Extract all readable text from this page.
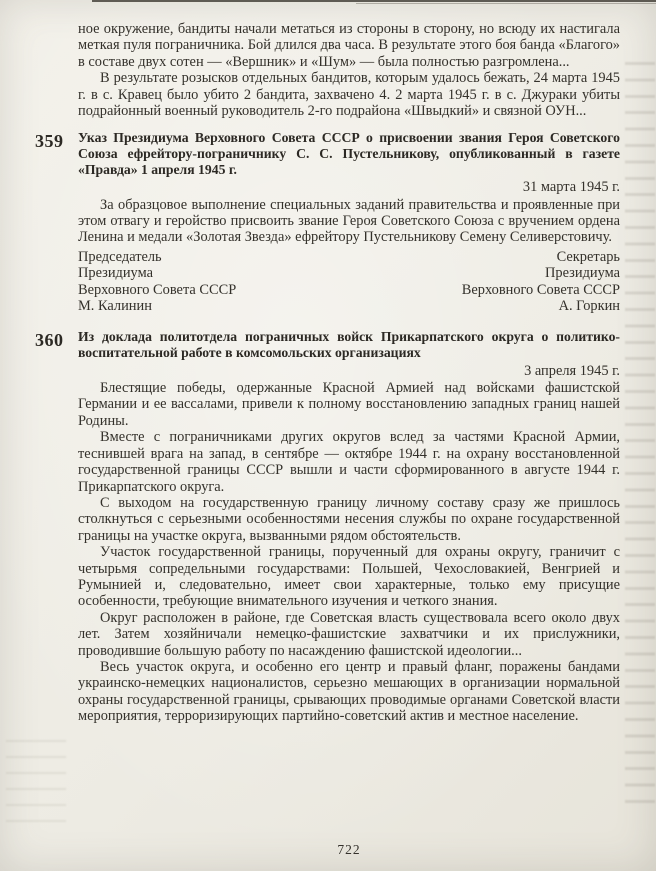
ное окружение, бандиты начали метаться из стороны в сторону, но всюду их настигала меткая пуля пограничника. Бой длился два часа. В результате этого боя банда «Благого» в составе двух сотен — «Вершник» и «Шум» — была полностью разгромлена...

В результате розысков отдельных бандитов, которым удалось бежать, 24 марта 1945 г. в с. Кравец было убито 2 бандита, захвачено 4. 2 марта 1945 г. в с. Джураки убиты подрайонный военный руководитель 2-го подрайона «Швыдкий» и связной ОУН...

359 Указ Президиума Верховного Совета СССР о присвоении звания Героя Советского Союза ефрейтору-пограничнику С. С. Пустельникову, опубликованный в газете «Правда» 1 апреля 1945 г.
31 марта 1945 г.

За образцовое выполнение специальных заданий правительства и проявленные при этом отвагу и геройство присвоить звание Героя Советского Союза с вручением ордена Ленина и медали «Золотая Звезда» ефрейтору Пустельникову Семену Селиверстовичу.

Председатель
Президиума
Верховного Совета СССР
М. Калинин
Секретарь
Президиума
Верховного Совета СССР
А. Горкин
360 Из доклада политотдела пограничных войск Прикарпатского округа о политико-воспитательной работе в комсомольских организациях
3 апреля 1945 г.

Блестящие победы, одержанные Красной Армией над войсками фашистской Германии и ее вассалами, привели к полному восстановлению западных границ нашей Родины.

Вместе с пограничниками других округов вслед за частями Красной Армии, теснившей врага на запад, в сентябре — октябре 1944 г. на охрану восстановленной государственной границы СССР вышли и части сформированного в августе 1944 г. Прикарпатского округа.

С выходом на государственную границу личному составу сразу же пришлось столкнуться с серьезными особенностями несения службы по охране государственной границы на участке округа, вызванными рядом обстоятельств.

Участок государственной границы, порученный для охраны округу, граничит с четырьмя сопредельными государствами: Польшей, Чехословакией, Венгрией и Румынией и, следовательно, имеет свои характерные, только ему присущие особенности, требующие внимательного изучения и четкого знания.

Округ расположен в районе, где Советская власть существовала всего около двух лет. Затем хозяйничали немецко-фашистские захватчики и их прислужники, проводившие большую работу по насаждению фашистской идеологии...

Весь участок округа, и особенно его центр и правый фланг, поражены бандами украинско-немецких националистов, серьезно мешающих в организации нормальной охраны государственной границы, срывающих проводимые органами Советской власти мероприятия, терроризирующих партийно-советский актив и местное население.

722
